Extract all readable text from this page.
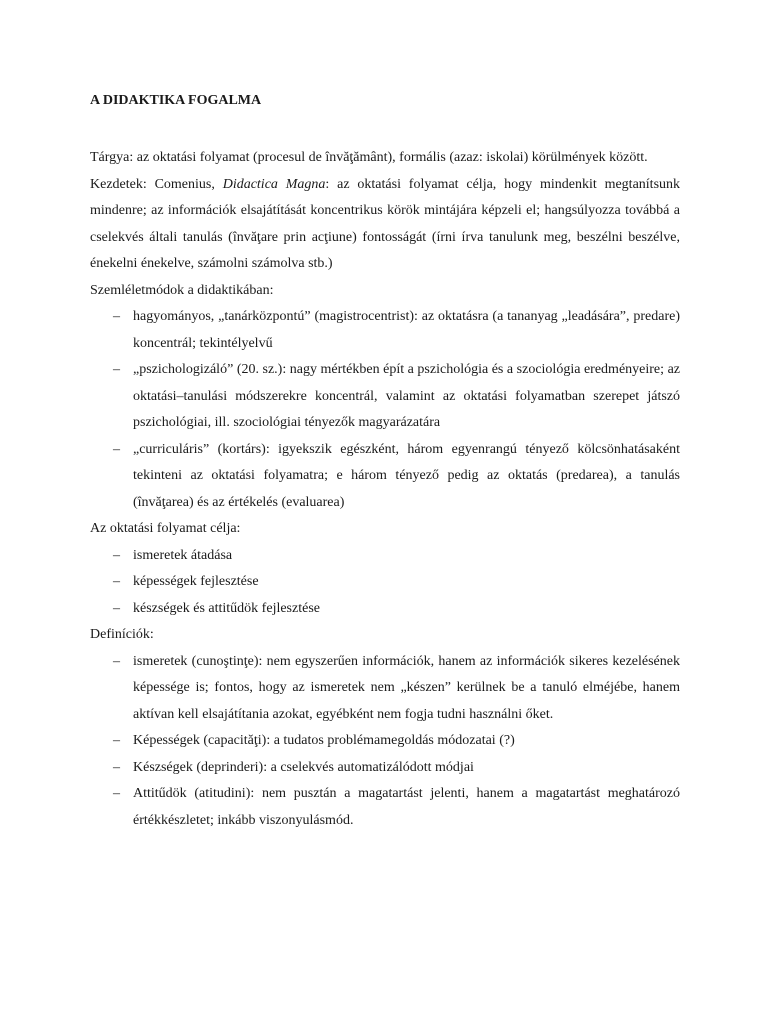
A DIDAKTIKA FOGALMA

Tárgya: az oktatási folyamat (procesul de învăţământ), formális (azaz: iskolai) körülmények között.

Kezdetek: Comenius, Didactica Magna: az oktatási folyamat célja, hogy mindenkit megtanítsunk mindenre; az információk elsajátítását koncentrikus körök mintájára képzeli el; hangsúlyozza továbbá a cselekvés általi tanulás (învăţare prin acţiune) fontosságát (írni írva tanulunk meg, beszélni beszélve, énekelni énekelve, számolni számolva stb.)

Szemléletmódok a didaktikában:

– hagyományos, „tanárközpontú” (magistrocentrist): az oktatásra (a tananyag „leadására”, predare) koncentrál; tekintélyelvű
– „pszichologizáló” (20. sz.): nagy mértékben épít a pszichológia és a szociológia eredményeire; az oktatási–tanulási módszerekre koncentrál, valamint az oktatási folyamatban szerepet játszó pszichológiai, ill. szociológiai tényezők magyarázatára
– „curriculáris” (kortárs): igyekszik egészként, három egyenrangú tényező kölcsönhatásaként tekinteni az oktatási folyamatra; e három tényező pedig az oktatás (predarea), a tanulás (învăţarea) és az értékelés (evaluarea)

Az oktatási folyamat célja:

– ismeretek átadása
– képességek fejlesztése
– készségek és attitűdök fejlesztése

Definíciók:

– ismeretek (cunoştinţe): nem egyszerűen információk, hanem az információk sikeres kezelésének képessége is; fontos, hogy az ismeretek nem „készen” kerülnek be a tanuló elméjébe, hanem aktívan kell elsajátítania azokat, egyébként nem fogja tudni használni őket.
– Képességek (capacităţi): a tudatos problémamegoldás módozatai (?)
– Készségek (deprinderi): a cselekvés automatizálódott módjai
– Attitűdök (atitudini): nem pusztán a magatartást jelenti, hanem a magatartást meghatározó értékkészletet; inkább viszonyulásmód.
